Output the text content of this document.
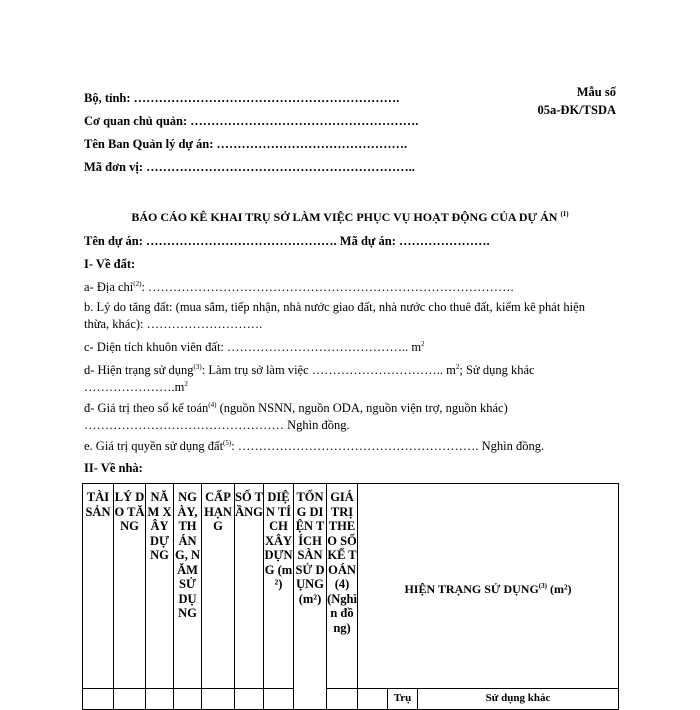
Mẫu số
05a-ĐK/TSDA
Bộ, tỉnh: ……………………………………………………….
Cơ quan chủ quản: ……………………………………………….
Tên Ban Quản lý dự án: ……………………………………….
Mã đơn vị: ………………………………………………………..
BÁO CÁO KÊ KHAI TRỤ SỞ LÀM VIỆC PHỤC VỤ HOẠT ĐỘNG CỦA DỰ ÁN $^{(1)}$
Tên dự án: ………………………………………. Mã dự án: ………………….
I- Về đất:
a- Địa chỉ$^{(2)}$: …………………………………………………………………………….
b. Lý do tăng đất: (mua sắm, tiếp nhận, nhà nước giao đất, nhà nước cho thuê đất, kiểm kê phát hiện thừa, khác): ……………………….
c- Diện tích khuôn viên đất: …………………………………….. $m^2$
d- Hiện trạng sử dụng$^{(3)}$: Làm trụ sở làm việc ………………………….. $m^2$; Sử dụng khác $\dots\dots\dots\dots\dots\dots\dots.m^2$
đ- Giá trị theo sổ kế toán$^{(4)}$ (nguồn NSNN, nguồn ODA, nguồn viện trợ, nguồn khác) ………………………………………… Nghìn đồng.
e. Giá trị quyền sử dụng đất$^{(5)}$: …………………………………………………. Nghìn đồng.
II- Về nhà:
TÀI SẢN	LÝ DO TĂNG	NĂM XÂY DỰNG	NGÀY, THÁNG, NĂM SỬ DỤNG	CẤP HẠNG	SỐ TẦNG	DIỆN TÍCH XÂY DỰNG (m²)	TỔNG DIỆN TÍCH SÀN SỬ DỤNG (m²)	GIÁ TRỊ THEO SỔ KẾ TOÁN (4) (Nghìn đồng)	HIỆN TRẠNG SỬ DỤNG$^{(3)}$ (m²)		
										Trụ	Sử dụng khác
